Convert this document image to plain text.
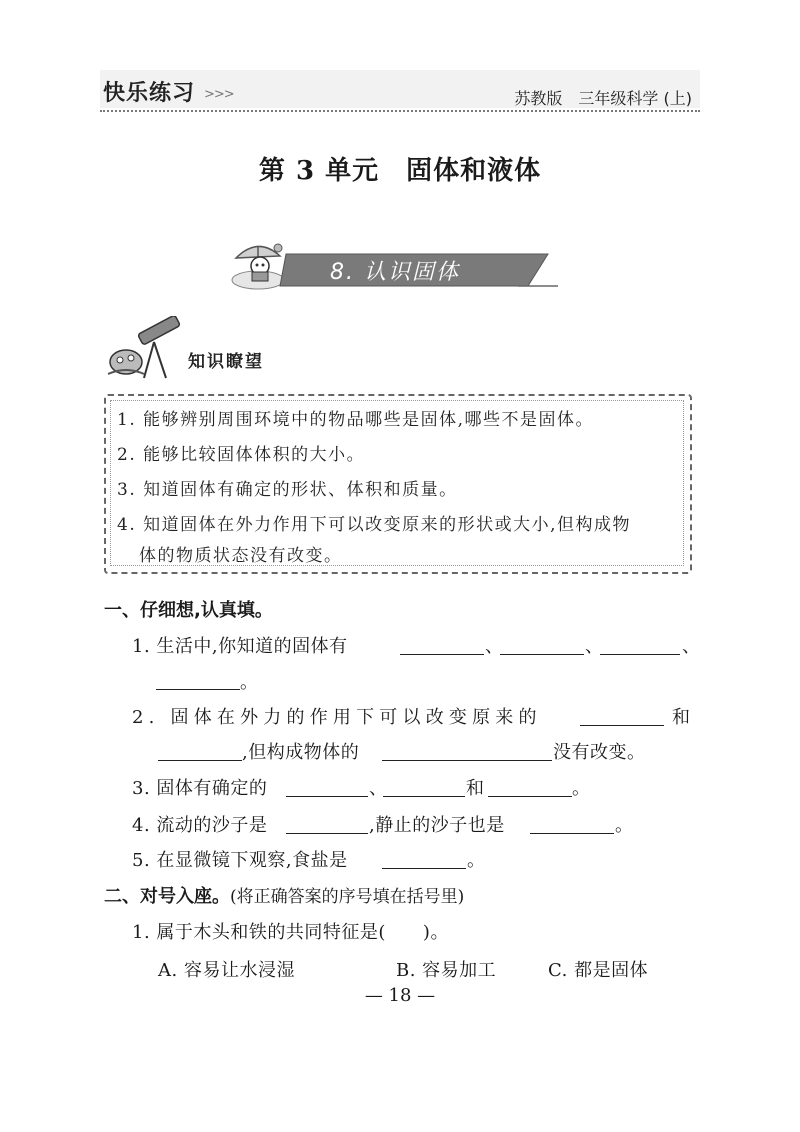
快乐练习 >>>	苏教版　三年级科学 (上)
第 3 单元　固体和液体
8. 认识固体
知识瞭望
1. 能够辨别周围环境中的物品哪些是固体,哪些不是固体。
2. 能够比较固体体积的大小。
3. 知道固体有确定的形状、体积和质量。
4. 知道固体在外力作用下可以改变原来的形状或大小,但构成物
体的物质状态没有改变。
一、仔细想,认真填。
1. 生活中,你知道的固体有	、	、	、
。
2. 固体在外力的作用下可以改变原来的	和
,但构成物体的	没有改变。
3. 固体有确定的	、	和	。
4. 流动的沙子是	,静止的沙子也是	。
5. 在显微镜下观察,食盐是	。
二、对号入座。(将正确答案的序号填在括号里)
1. 属于木头和铁的共同特征是(　　)。
A. 容易让水浸湿	B. 容易加工	C. 都是固体
— 18 —
